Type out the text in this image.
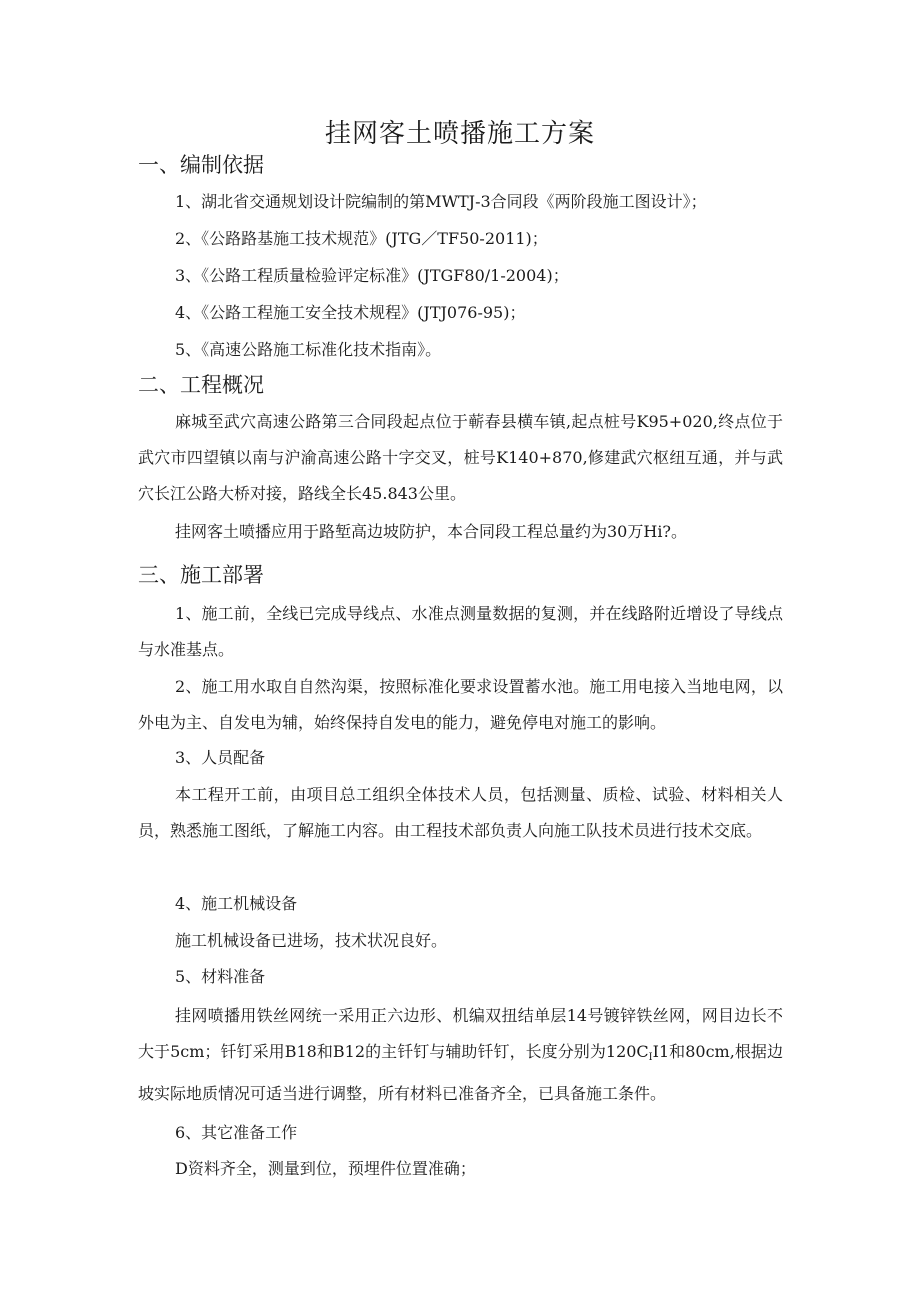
挂网客土喷播施工方案
一、编制依据
1、湖北省交通规划设计院编制的第MWTJ-3合同段《两阶段施工图设计》；
2、《公路路基施工技术规范》(JTG／TF50-2011)；
3、《公路工程质量检验评定标准》(JTGF80/1-2004)；
4、《公路工程施工安全技术规程》(JTJ076-95)；
5、《高速公路施工标准化技术指南》。
二、工程概况
麻城至武穴高速公路第三合同段起点位于蕲春县横车镇,起点桩号K95+020,终点位于武穴市四望镇以南与沪渝高速公路十字交叉，桩号K140+870,修建武穴枢纽互通，并与武穴长江公路大桥对接，路线全长45.843公里。
挂网客土喷播应用于路堑高边坡防护，本合同段工程总量约为30万Hi?。
三、施工部署
1、施工前，全线已完成导线点、水准点测量数据的复测，并在线路附近增设了导线点与水准基点。
2、施工用水取自自然沟渠，按照标准化要求设置蓄水池。施工用电接入当地电网，以外电为主、自发电为辅，始终保持自发电的能力，避免停电对施工的影响。
3、人员配备
本工程开工前，由项目总工组织全体技术人员，包括测量、质检、试验、材料相关人员，熟悉施工图纸，了解施工内容。由工程技术部负责人向施工队技术员进行技术交底。
4、施工机械设备
施工机械设备已进场，技术状况良好。
5、材料准备
挂网喷播用铁丝网统一采用正六边形、机编双扭结单层14号镀锌铁丝网，网目边长不大于5cm；钎钉采用B18和B12的主钎钉与辅助钎钉，长度分别为$120C_II1$和80cm,根据边坡实际地质情况可适当进行调整，所有材料已准备齐全，已具备施工条件。
6、其它准备工作
D资料齐全，测量到位，预埋件位置准确；
